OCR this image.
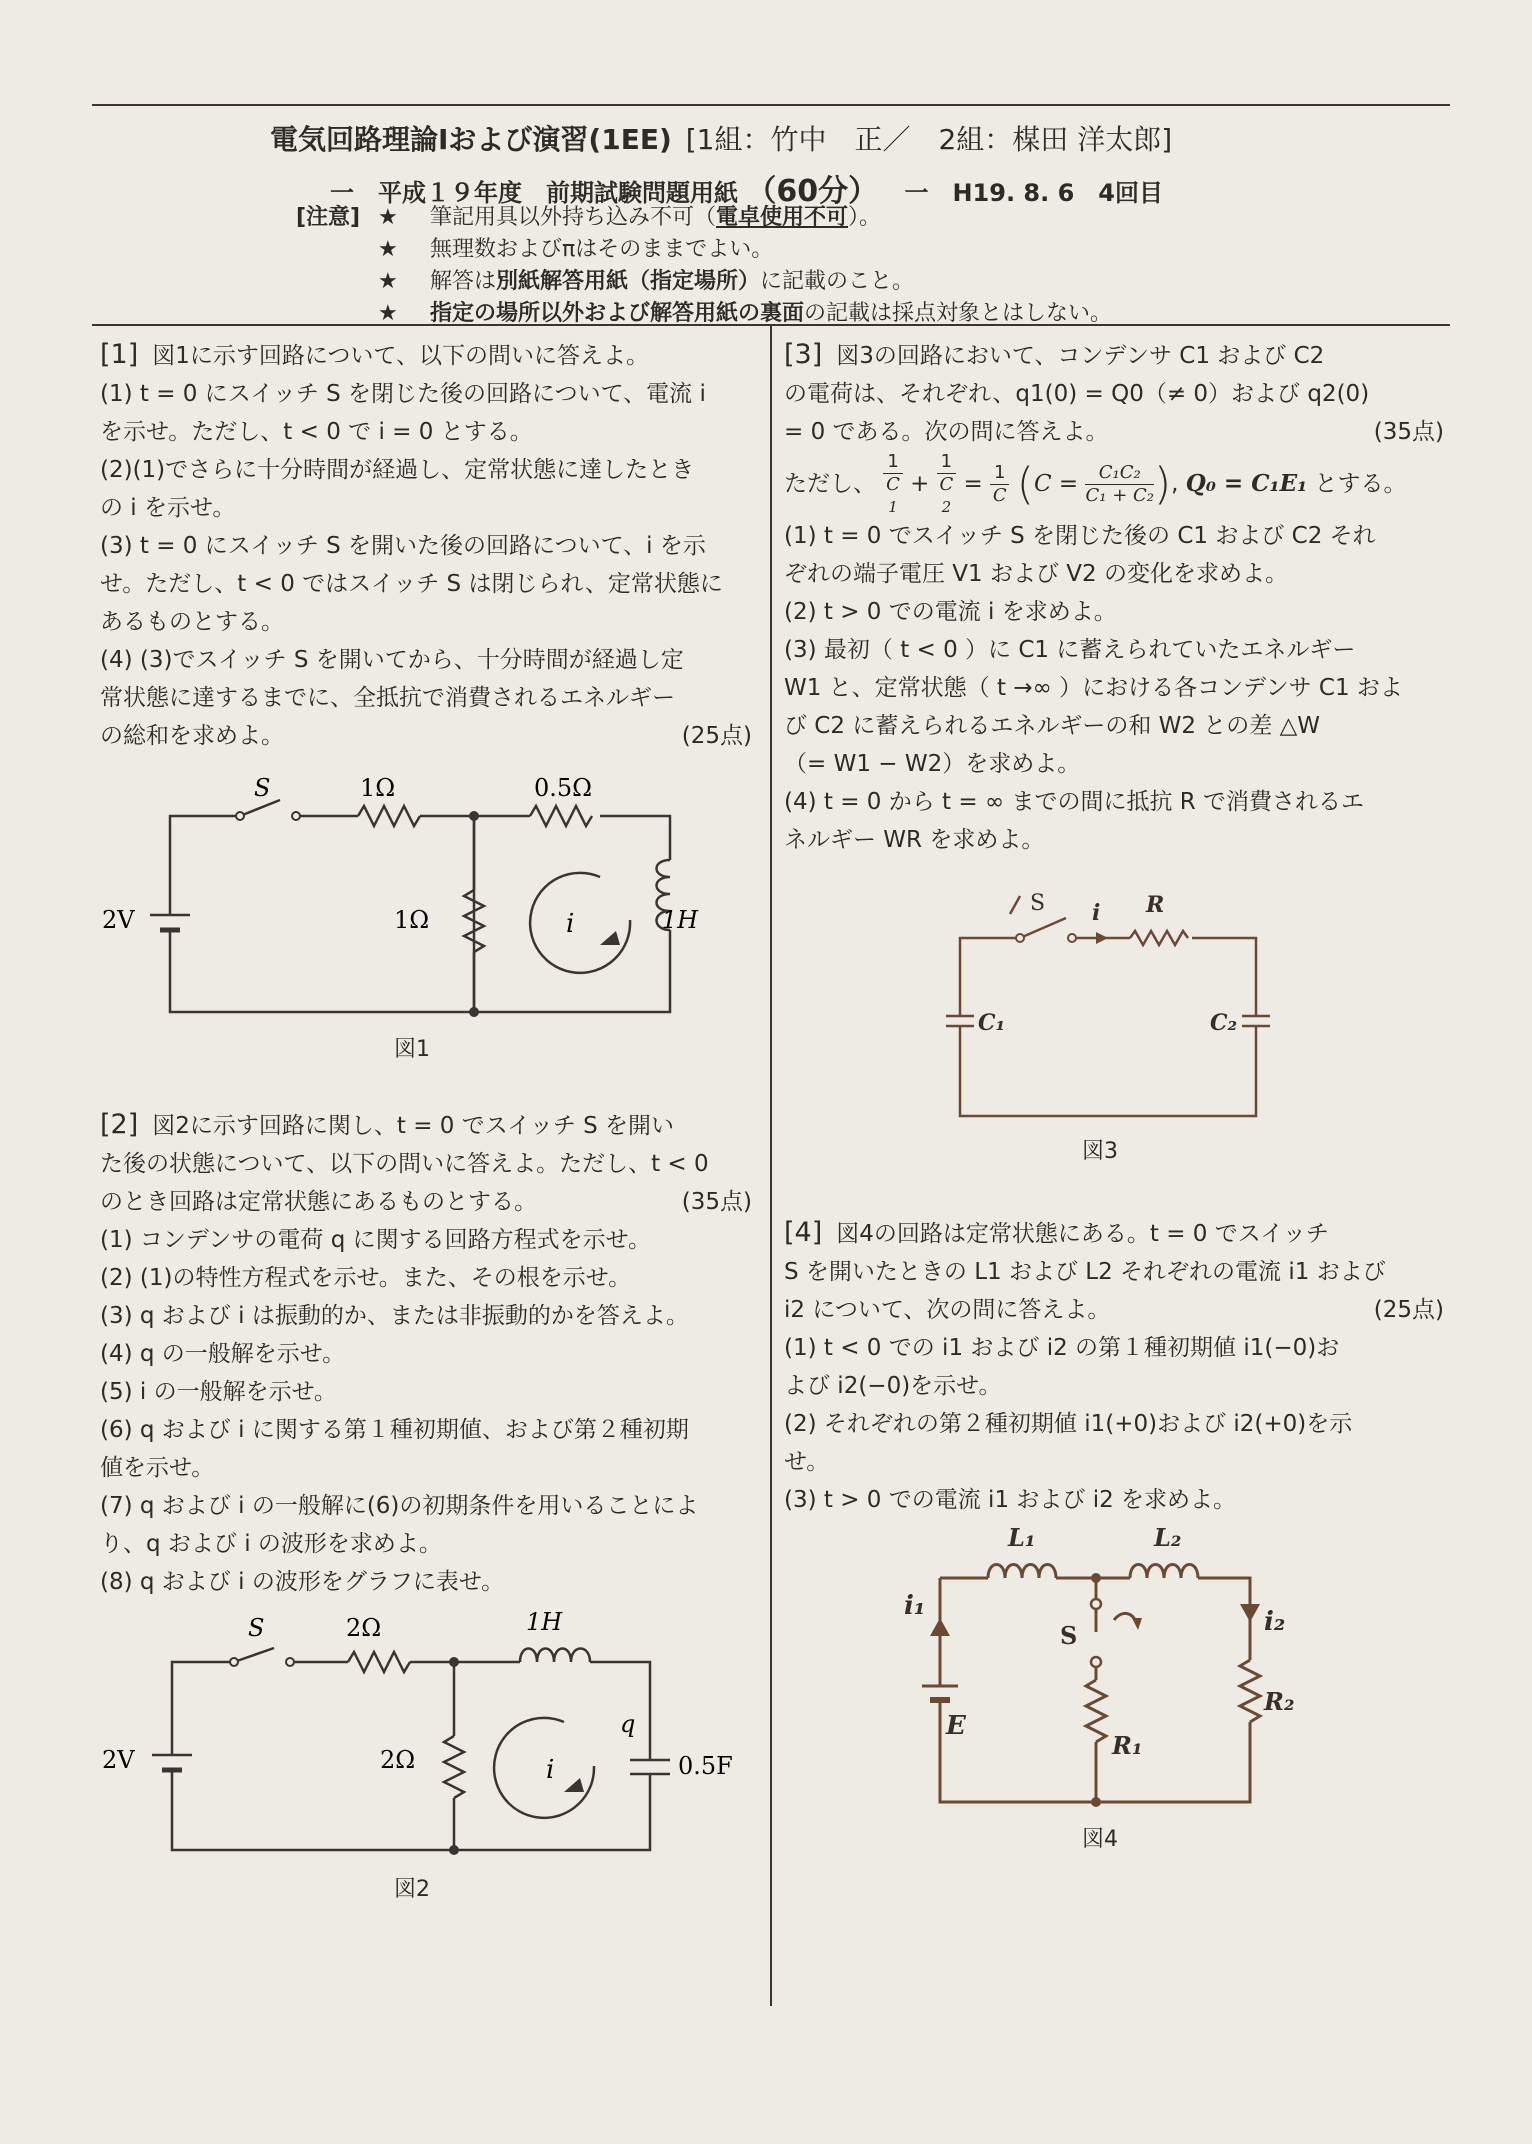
電気回路理論Ⅰおよび演習(1EE) [1組：竹中　正／　2組：楳田 洋太郎]
一　平成１９年度　前期試験問題用紙 （60分） 一　H19. 8. 6　4回目
[注意] ★ 筆記用具以外持ち込み不可（電卓使用不可）。
★ 無理数およびπはそのままでよい。
★ 解答は別紙解答用紙（指定場所）に記載のこと。
★ 指定の場所以外および解答用紙の裏面の記載は採点対象とはしない。
[1] 図1に示す回路について、以下の問いに答えよ。
(1) t = 0 にスイッチ S を閉じた後の回路について、電流 i
を示せ。ただし、t < 0 で i = 0 とする。
(2)(1)でさらに十分時間が経過し、定常状態に達したとき
の i を示せ。
(3) t = 0 にスイッチ S を開いた後の回路について、i を示
せ。ただし、t < 0 ではスイッチ S は閉じられ、定常状態に
あるものとする。
(4) (3)でスイッチ S を開いてから、十分時間が経過し定
常状態に達するまでに、全抵抗で消費されるエネルギー
の総和を求めよ。	(25点)
S	1Ω	0.5Ω
1Ω
2V	1H
i
図1
[2] 図2に示す回路に関し、t = 0 でスイッチ S を開い
た後の状態について、以下の問いに答えよ。ただし、t < 0
のとき回路は定常状態にあるものとする。	(35点)
(1) コンデンサの電荷 q に関する回路方程式を示せ。
(2) (1)の特性方程式を示せ。また、その根を示せ。
(3) q および i は振動的か、または非振動的かを答えよ。
(4) q の一般解を示せ。
(5) i の一般解を示せ。
(6) q および i に関する第１種初期値、および第２種初期
値を示せ。
(7) q および i の一般解に(6)の初期条件を用いることによ
り、q および i の波形を求めよ。
(8) q および i の波形をグラフに表せ。
S	2Ω	1H
2Ω
2V	0.5F
q
i
図2
[3] 図3の回路において、コンデンサ C1 および C2
の電荷は、それぞれ、q1(0) = Q0（≠ 0）および q2(0)
= 0 である。次の問に答えよ。	(35点)
ただし、 1
C
1 + 1
C
$2 = \frac{1}{C} (C = \frac{\text{C₁C₂}}{\text{C₁ + C₂}}$ ), Q₀ = C₁E₁ とする。
(1) t = 0 でスイッチ S を閉じた後の C1 および C2 それ
ぞれの端子電圧 V1 および V2 の変化を求めよ。
(2) t > 0 での電流 i を求めよ。
(3) 最初（ t < 0 ）に C1 に蓄えられていたエネルギー
W1 と、定常状態（ t →∞ ）における各コンデンサ C1 およ
び C2 に蓄えられるエネルギーの和 W2 との差 △W
（= W1 − W2）を求めよ。
(4) t = 0 から t = ∞ までの間に抵抗 R で消費されるエ
ネルギー WR を求めよ。
S i R
C₁	C₂
図3
[4] 図4の回路は定常状態にある。t = 0 でスイッチ
S を開いたときの L1 および L2 それぞれの電流 i1 および
i2 について、次の問に答えよ。	(25点)
(1) t < 0 での i1 および i2 の第１種初期値 i1(−0)お
よび i2(−0)を示せ。
(2) それぞれの第２種初期値 i1(+0)および i2(+0)を示
せ。
(3) t > 0 での電流 i1 および i2 を求めよ。
L₁	L₂
i₁
i₂
S
E
R₁
R₂
図4
